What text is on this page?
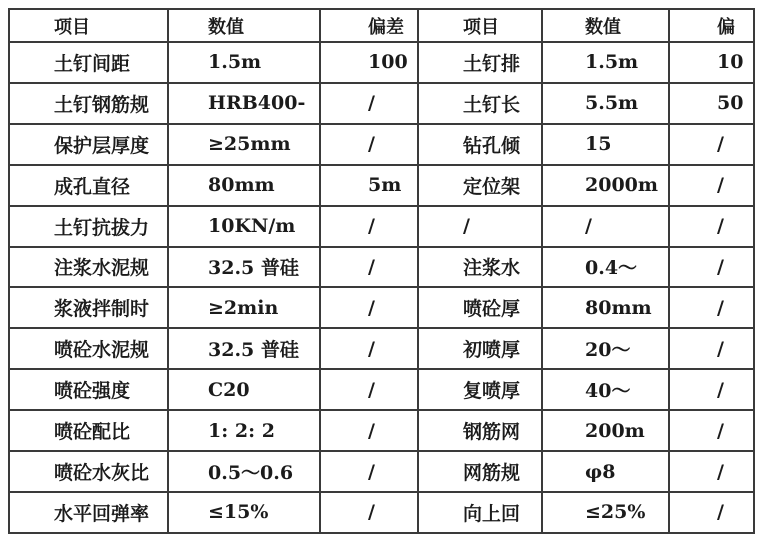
项目	数值	偏差	项目	数值	偏
土钉间距	1.5m	100	土钉排	1.5m	10
土钉钢筋规	HRB400-	/	土钉长	5.5m	50
保护层厚度	≥25mm	/	钻孔倾	15	/
成孔直径	80mm	5m	定位架	2000m	/
土钉抗拔力	10KN/m	/	/	/	/
注浆水泥规	32.5 普硅	/	注浆水	0.4～	/
浆液拌制时	≥2min	/	喷砼厚	80mm	/
喷砼水泥规	32.5 普硅	/	初喷厚	20～	/
喷砼强度	C20	/	复喷厚	40～	/
喷砼配比	1: 2: 2	/	钢筋网	200m	/
喷砼水灰比	0.5～0.6	/	网筋规	φ8	/
水平回弹率	≤15%	/	向上回	≤25%	/
